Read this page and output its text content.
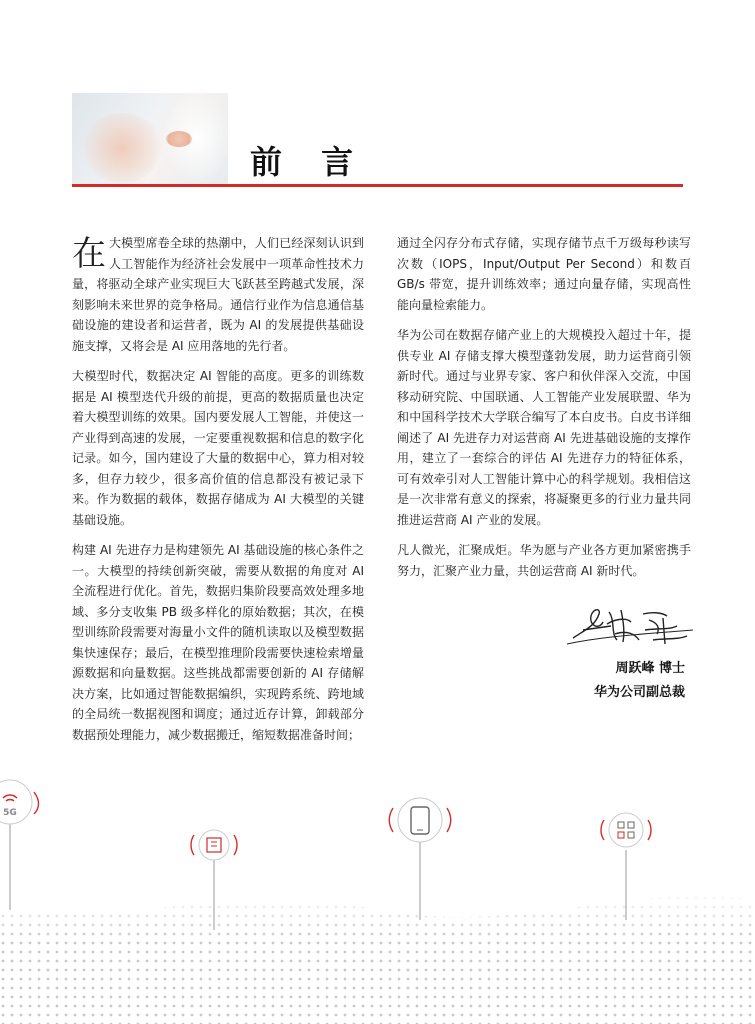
前 言

在大模型席卷全球的热潮中，人们已经深刻认识到人工智能作为经济社会发展中一项革命性技术力量，将驱动全球产业实现巨大飞跃甚至跨越式发展，深刻影响未来世界的竞争格局。通信行业作为信息通信基础设施的建设者和运营者，既为 AI 的发展提供基础设施支撑，又将会是 AI 应用落地的先行者。

大模型时代，数据决定 AI 智能的高度。更多的训练数据是 AI 模型迭代升级的前提，更高的数据质量也决定着大模型训练的效果。国内要发展人工智能，并使这一产业得到高速的发展，一定要重视数据和信息的数字化记录。如今，国内建设了大量的数据中心，算力相对较多，但存力较少，很多高价值的信息都没有被记录下来。作为数据的载体，数据存储成为 AI 大模型的关键基础设施。

构建 AI 先进存力是构建领先 AI 基础设施的核心条件之一。大模型的持续创新突破，需要从数据的角度对 AI 全流程进行优化。首先，数据归集阶段要高效处理多地域、多分支收集 PB 级多样化的原始数据；其次，在模型训练阶段需要对海量小文件的随机读取以及模型数据集快速保存；最后，在模型推理阶段需要快速检索增量源数据和向量数据。这些挑战都需要创新的 AI 存储解决方案，比如通过智能数据编织，实现跨系统、跨地域的全局统一数据视图和调度；通过近存计算，卸载部分数据预处理能力，减少数据搬迁，缩短数据准备时间；

通过全闪存分布式存储，实现存储节点千万级每秒读写次数（IOPS，Input/Output Per Second）和数百 GB/s 带宽，提升训练效率；通过向量存储，实现高性能向量检索能力。

华为公司在数据存储产业上的大规模投入超过十年，提供专业 AI 存储支撑大模型蓬勃发展，助力运营商引领新时代。通过与业界专家、客户和伙伴深入交流，中国移动研究院、中国联通、人工智能产业发展联盟、华为和中国科学技术大学联合编写了本白皮书。白皮书详细阐述了 AI 先进存力对运营商 AI 先进基础设施的支撑作用，建立了一套综合的评估 AI 先进存力的特征体系，可有效牵引对人工智能计算中心的科学规划。我相信这是一次非常有意义的探索，将凝聚更多的行业力量共同推进运营商 AI 产业的发展。

凡人微光，汇聚成炬。华为愿与产业各方更加紧密携手努力，汇聚产业力量，共创运营商 AI 新时代。

周跃峰 博士
华为公司副总裁
5G
